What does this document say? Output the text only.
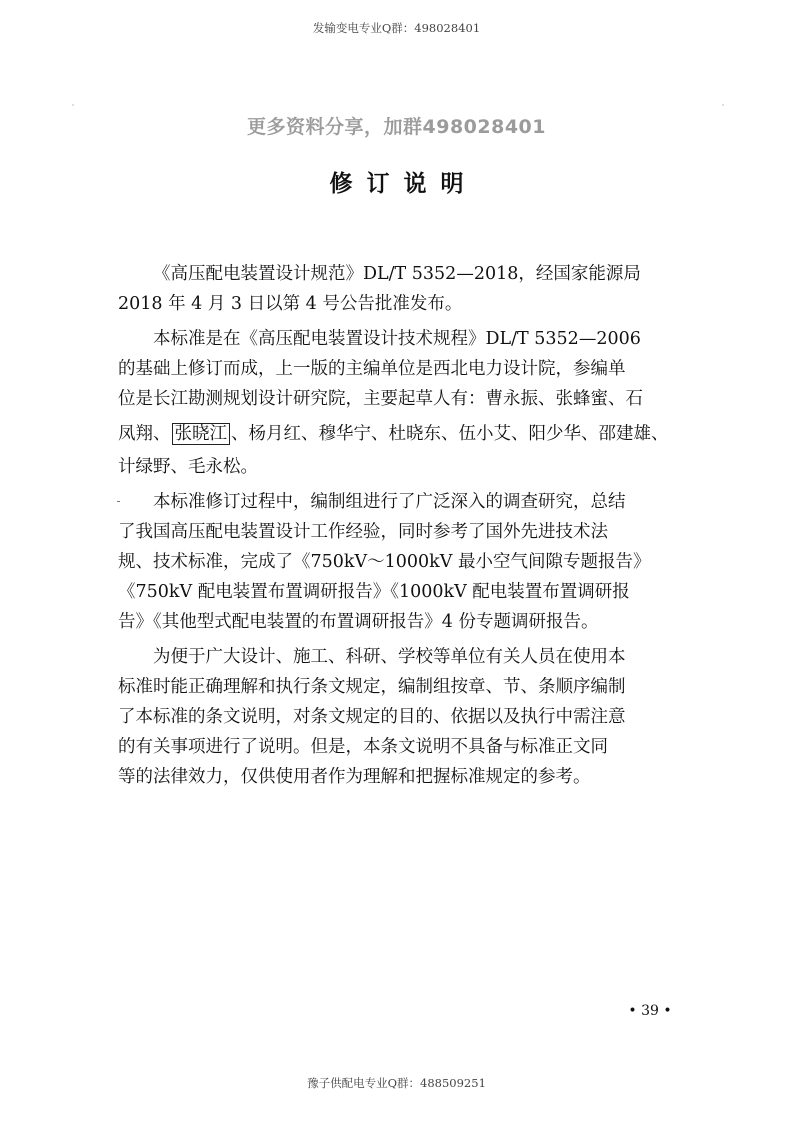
发输变电专业Q群：498028401
更多资料分享，加群498028401
修订说明

《高压配电装置设计规范》DL/T 5352—2018，经国家能源局
2018 年 4 月 3 日以第 4 号公告批准发布。

本标准是在《高压配电装置设计技术规程》DL/T 5352—2006
的基础上修订而成，上一版的主编单位是西北电力设计院，参编单
位是长江勘测规划设计研究院，主要起草人有：曹永振、张蜂蜜、石
凤翔、 张晓江 、杨月红、穆华宁、杜晓东、伍小艾、阳少华、邵建雄、
计绿野、毛永松。

本标准修订过程中，编制组进行了广泛深入的调查研究，总结
了我国高压配电装置设计工作经验，同时参考了国外先进技术法
规、技术标准，完成了《750kV～1000kV 最小空气间隙专题报告》
《750kV 配电装置布置调研报告》《1000kV 配电装置布置调研报
告》《其他型式配电装置的布置调研报告》4 份专题调研报告。

为便于广大设计、施工、科研、学校等单位有关人员在使用本
标准时能正确理解和执行条文规定，编制组按章、节、条顺序编制
了本标准的条文说明，对条文规定的目的、依据以及执行中需注意
的有关事项进行了说明。但是，本条文说明不具备与标准正文同
等的法律效力，仅供使用者作为理解和把握标准规定的参考。

• 39 •
豫子供配电专业Q群：488509251
